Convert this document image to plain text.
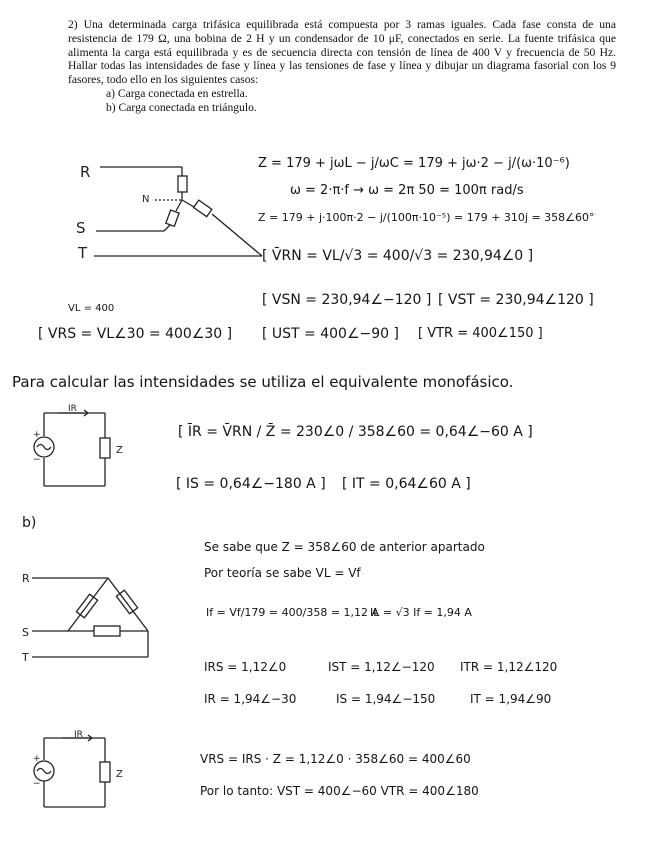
2) Una determinada carga trifásica equilibrada está compuesta por 3 ramas iguales. Cada fase consta de una resistencia de 179 Ω, una bobina de 2 H y un condensador de 10 μF, conectados en serie. La fuente trifásica que alimenta la carga está equilibrada y es de secuencia directa con tensión de línea de 400 V y frecuencia de 50 Hz. Hallar todas las intensidades de fase y línea y las tensiones de fase y línea y dibujar un diagrama fasorial con los 9 fasores, todo ello en los siguientes casos:

a) Carga conectada en estrella.

b) Carga conectada en triángulo.

R
S
T
N
IR
+
−
Z
R
S
T
IR
+
−
Z
Z = 179 + jωL − j/ωC = 179 + jω·2 − j/(ω·10⁻⁶)
ω = 2·π·f → ω = 2π 50 = 100π rad/s
Z = 179 + j·100π·2 − j/(100π·10⁻⁵) = 179 + 310j = 358∠60°
[ V̄RN = VL/√3 = 400/√3 = 230,94∠0 ]
[ VSN = 230,94∠−120 ] [ VST = 230,94∠120 ]
VL = 400
[ VRS = VL∠30 = 400∠30 ] [ UST = 400∠−90 ] [ VTR = 400∠150 ]
Para calcular las intensidades se utiliza el equivalente monofásico.
[ ĪR = V̄RN / Z̄ = 230∠0 / 358∠60 = 0,64∠−60 A ]
[ IS = 0,64∠−180 A ] [ IT = 0,64∠60 A ]
b)
Se sabe que Z = 358∠60 de anterior apartado
Por teoría se sabe VL = Vf
If = Vf/179 = 400/358 = 1,12 A
IL = √3 If = 1,94 A
IRS = 1,12∠0	IST = 1,12∠−120 ITR = 1,12∠120
IR = 1,94∠−30	IS = 1,94∠−150	IT = 1,94∠90
VRS = IRS · Z = 1,12∠0 · 358∠60 = 400∠60
Por lo tanto: VST = 400∠−60 VTR = 400∠180
